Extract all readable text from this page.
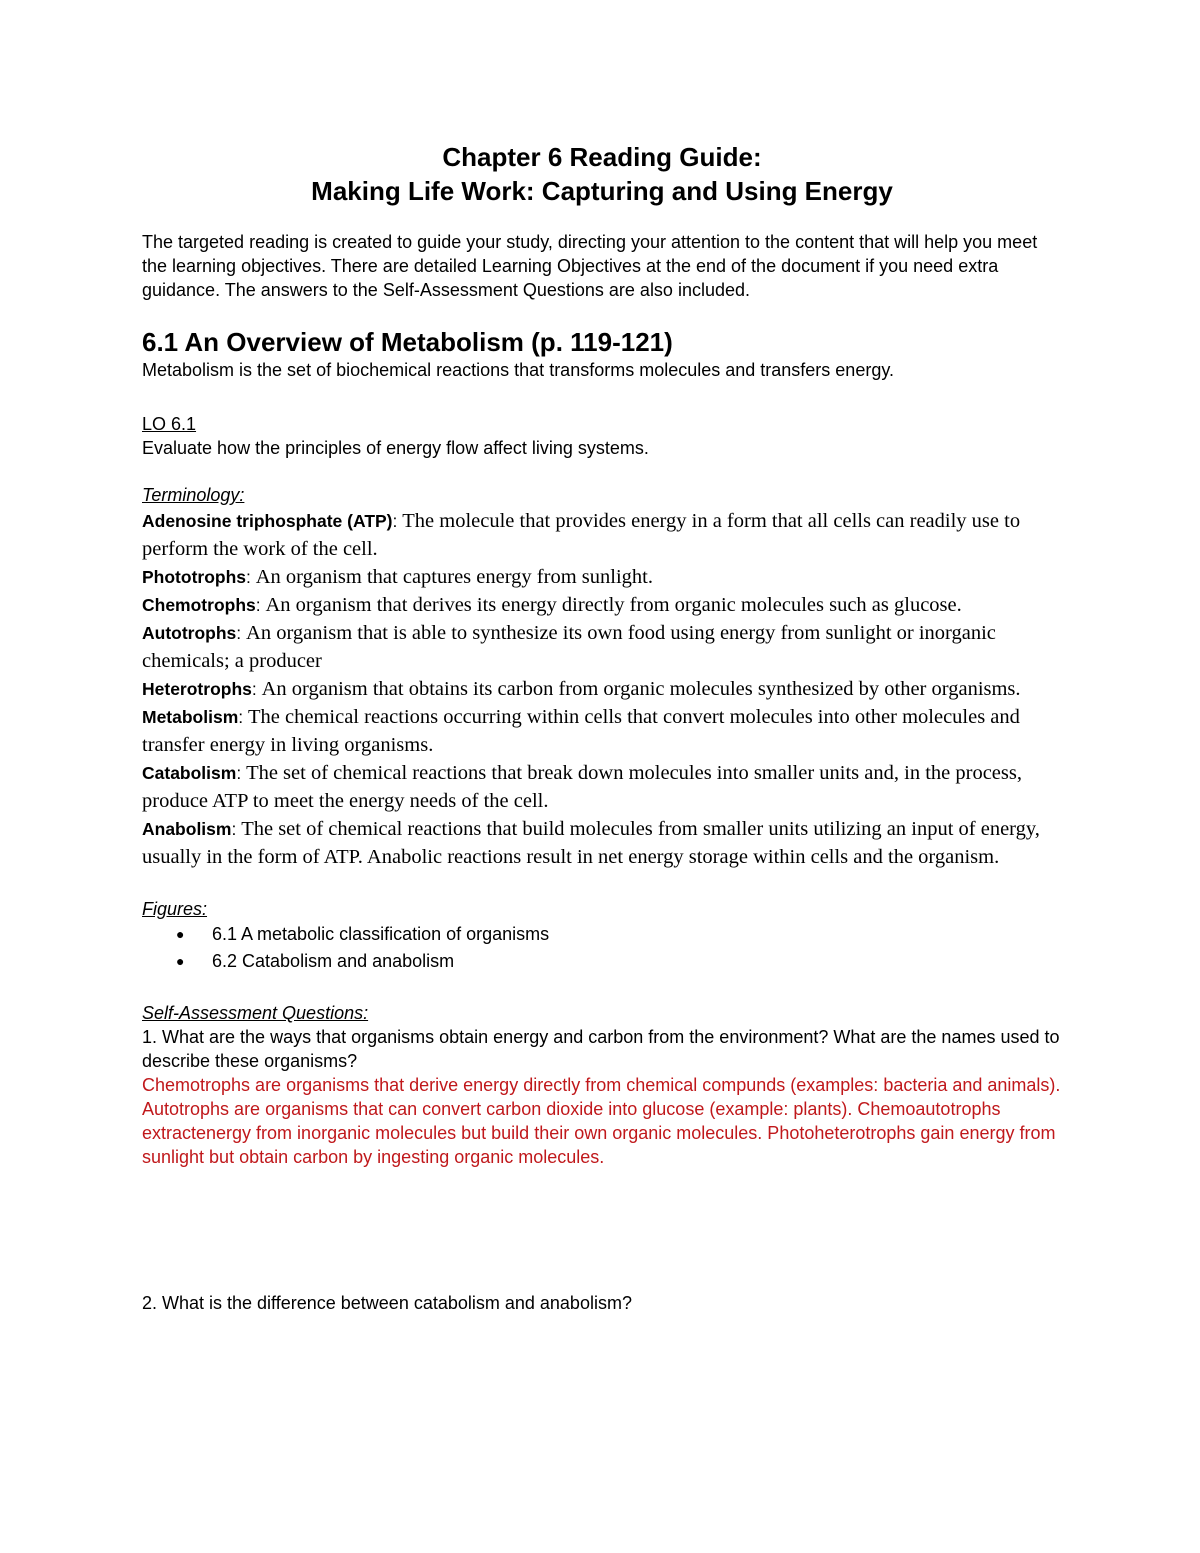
Chapter 6 Reading Guide:
Making Life Work: Capturing and Using Energy
The targeted reading is created to guide your study, directing your attention to the content that will help you meet the learning objectives. There are detailed Learning Objectives at the end of the document if you need extra guidance. The answers to the Self-Assessment Questions are also included.
6.1 An Overview of Metabolism (p. 119-121)
Metabolism is the set of biochemical reactions that transforms molecules and transfers energy.
LO 6.1
Evaluate how the principles of energy flow affect living systems.
Terminology:
Adenosine triphosphate (ATP): The molecule that provides energy in a form that all cells can readily use to perform the work of the cell.
Phototrophs: An organism that captures energy from sunlight.
Chemotrophs: An organism that derives its energy directly from organic molecules such as glucose.
Autotrophs: An organism that is able to synthesize its own food using energy from sunlight or inorganic chemicals; a producer
Heterotrophs: An organism that obtains its carbon from organic molecules synthesized by other organisms.
Metabolism: The chemical reactions occurring within cells that convert molecules into other molecules and transfer energy in living organisms.
Catabolism: The set of chemical reactions that break down molecules into smaller units and, in the process, produce ATP to meet the energy needs of the cell.
Anabolism: The set of chemical reactions that build molecules from smaller units utilizing an input of energy, usually in the form of ATP. Anabolic reactions result in net energy storage within cells and the organism.
Figures:
● 6.1 A metabolic classification of organisms
● 6.2 Catabolism and anabolism
Self-Assessment Questions:
1. What are the ways that organisms obtain energy and carbon from the environment? What are the names used to describe these organisms?
Chemotrophs are organisms that derive energy directly from chemical compunds (examples: bacteria and animals). Autotrophs are organisms that can convert carbon dioxide into glucose (example: plants). Chemoautotrophs extractenergy from inorganic molecules but build their own organic molecules. Photoheterotrophs gain energy from sunlight but obtain carbon by ingesting organic molecules.
2. What is the difference between catabolism and anabolism?
